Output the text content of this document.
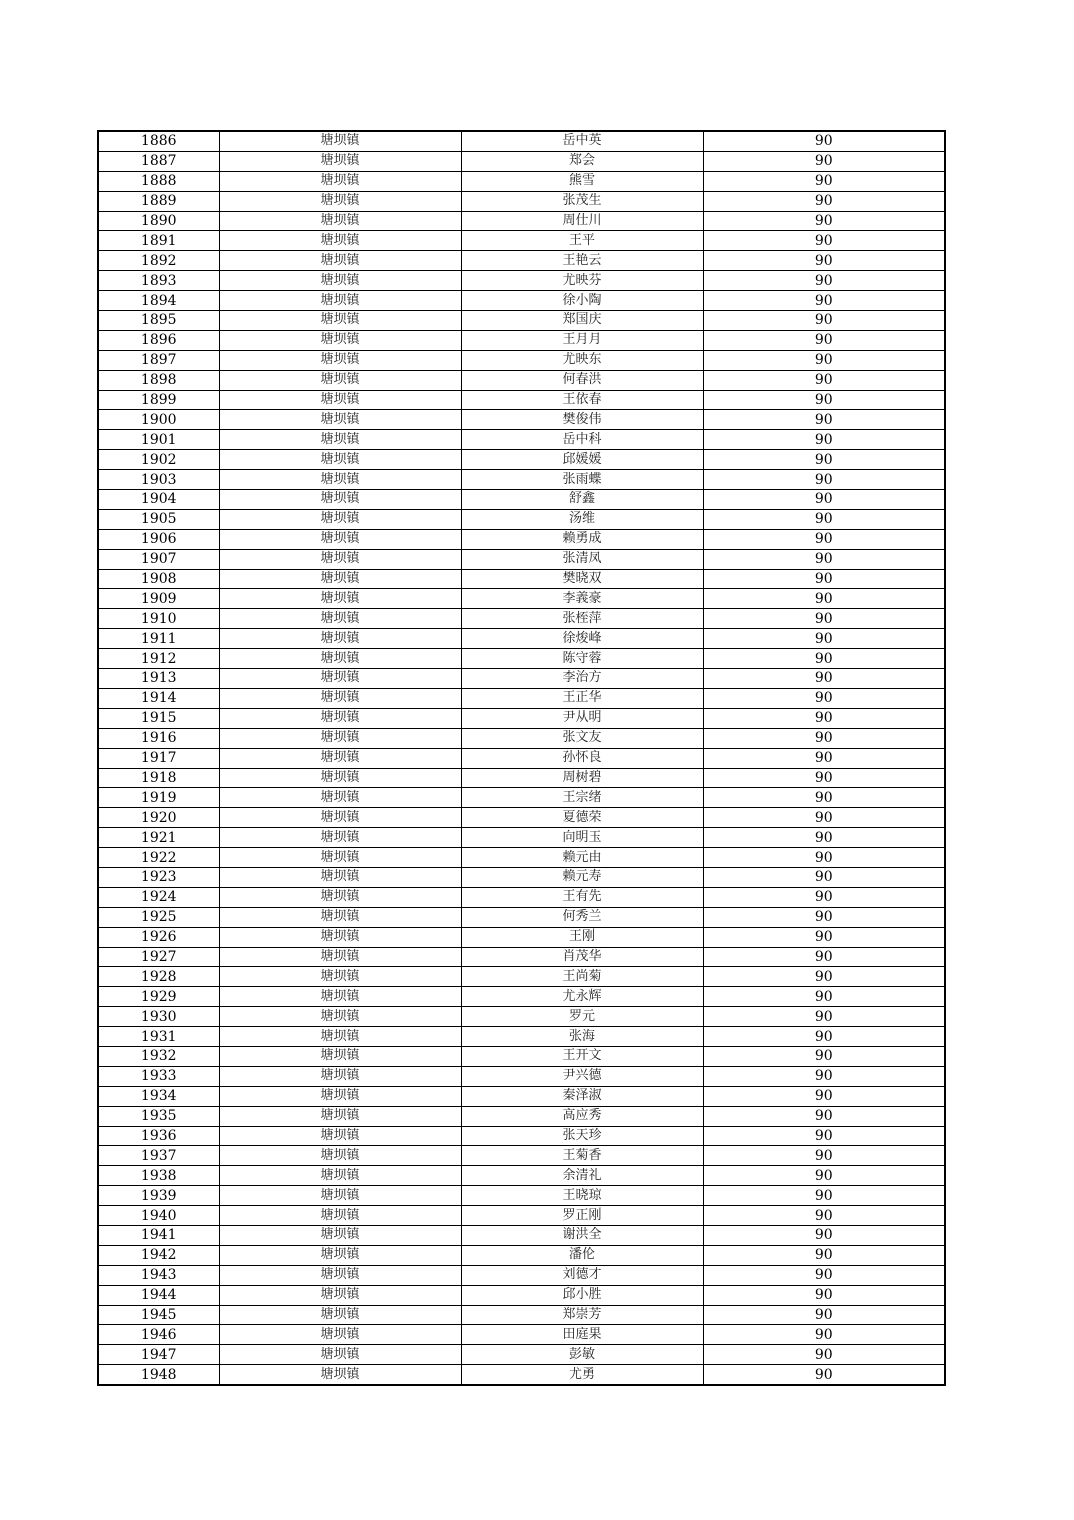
1886	塘坝镇	岳中英	90
1887	塘坝镇	郑会	90
1888	塘坝镇	熊雪	90
1889	塘坝镇	张茂生	90
1890	塘坝镇	周仕川	90
1891	塘坝镇	王平	90
1892	塘坝镇	王艳云	90
1893	塘坝镇	尤映芬	90
1894	塘坝镇	徐小陶	90
1895	塘坝镇	郑国庆	90
1896	塘坝镇	王月月	90
1897	塘坝镇	尤映东	90
1898	塘坝镇	何春洪	90
1899	塘坝镇	王依春	90
1900	塘坝镇	樊俊伟	90
1901	塘坝镇	岳中科	90
1902	塘坝镇	邱媛媛	90
1903	塘坝镇	张雨蝶	90
1904	塘坝镇	舒鑫	90
1905	塘坝镇	汤维	90
1906	塘坝镇	赖勇成	90
1907	塘坝镇	张清凤	90
1908	塘坝镇	樊晓双	90
1909	塘坝镇	李義豪	90
1910	塘坝镇	张桎萍	90
1911	塘坝镇	徐焌峰	90
1912	塘坝镇	陈守蓉	90
1913	塘坝镇	李治方	90
1914	塘坝镇	王正华	90
1915	塘坝镇	尹从明	90
1916	塘坝镇	张文友	90
1917	塘坝镇	孙怀良	90
1918	塘坝镇	周树碧	90
1919	塘坝镇	王宗绪	90
1920	塘坝镇	夏德荣	90
1921	塘坝镇	向明玉	90
1922	塘坝镇	赖元由	90
1923	塘坝镇	赖元寿	90
1924	塘坝镇	王有先	90
1925	塘坝镇	何秀兰	90
1926	塘坝镇	王刚	90
1927	塘坝镇	肖茂华	90
1928	塘坝镇	王尚菊	90
1929	塘坝镇	尤永辉	90
1930	塘坝镇	罗元	90
1931	塘坝镇	张海	90
1932	塘坝镇	王开文	90
1933	塘坝镇	尹兴德	90
1934	塘坝镇	秦泽淑	90
1935	塘坝镇	高应秀	90
1936	塘坝镇	张天珍	90
1937	塘坝镇	王菊香	90
1938	塘坝镇	余清礼	90
1939	塘坝镇	王晓琼	90
1940	塘坝镇	罗正刚	90
1941	塘坝镇	谢洪全	90
1942	塘坝镇	潘伦	90
1943	塘坝镇	刘德才	90
1944	塘坝镇	邱小胜	90
1945	塘坝镇	郑崇芳	90
1946	塘坝镇	田庭果	90
1947	塘坝镇	彭敏	90
1948	塘坝镇	尤勇	90
